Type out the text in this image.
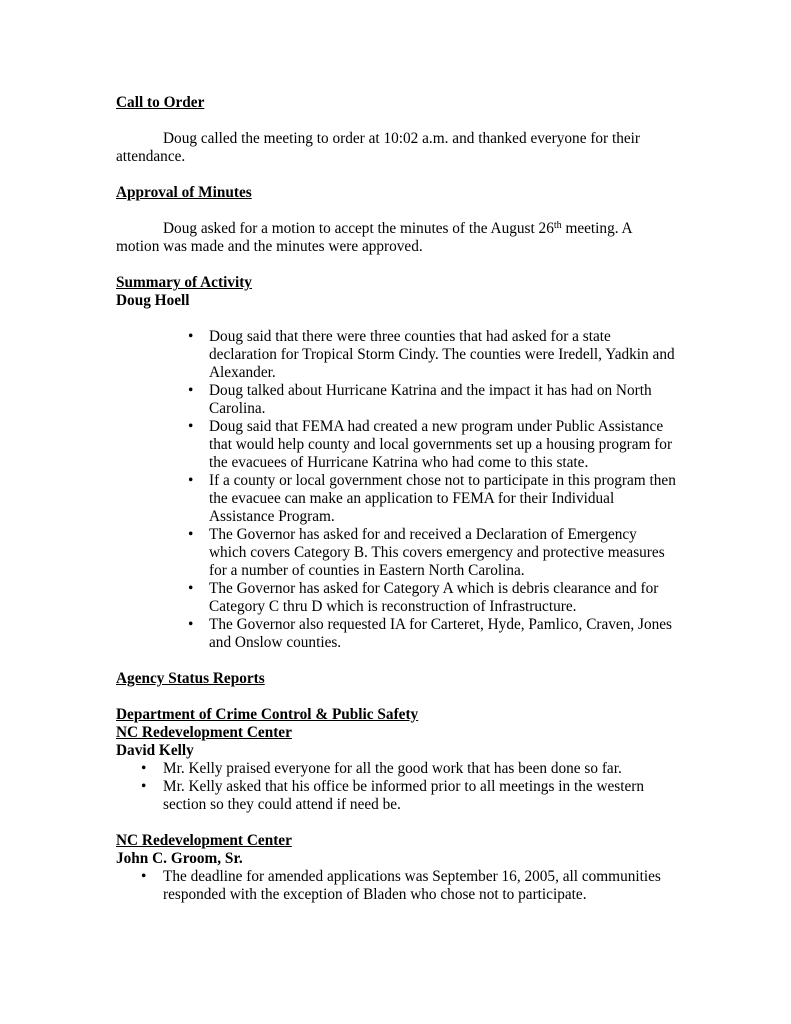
Call to Order

Doug called the meeting to order at 10:02 a.m. and thanked everyone for their attendance.

Approval of Minutes

Doug asked for a motion to accept the minutes of the August 26th meeting. A motion was made and the minutes were approved.

Summary of Activity

Doug Hoell

• Doug said that there were three counties that had asked for a state declaration for Tropical Storm Cindy. The counties were Iredell, Yadkin and Alexander.
• Doug talked about Hurricane Katrina and the impact it has had on North Carolina.
• Doug said that FEMA had created a new program under Public Assistance that would help county and local governments set up a housing program for the evacuees of Hurricane Katrina who had come to this state.
• If a county or local government chose not to participate in this program then the evacuee can make an application to FEMA for their Individual Assistance Program.
• The Governor has asked for and received a Declaration of Emergency which covers Category B. This covers emergency and protective measures for a number of counties in Eastern North Carolina.
• The Governor has asked for Category A which is debris clearance and for Category C thru D which is reconstruction of Infrastructure.
• The Governor also requested IA for Carteret, Hyde, Pamlico, Craven, Jones and Onslow counties.

Agency Status Reports

Department of Crime Control & Public Safety

NC Redevelopment Center

David Kelly

• Mr. Kelly praised everyone for all the good work that has been done so far.
• Mr. Kelly asked that his office be informed prior to all meetings in the western section so they could attend if need be.

NC Redevelopment Center

John C. Groom, Sr.

• The deadline for amended applications was September 16, 2005, all communities responded with the exception of Bladen who chose not to participate.
